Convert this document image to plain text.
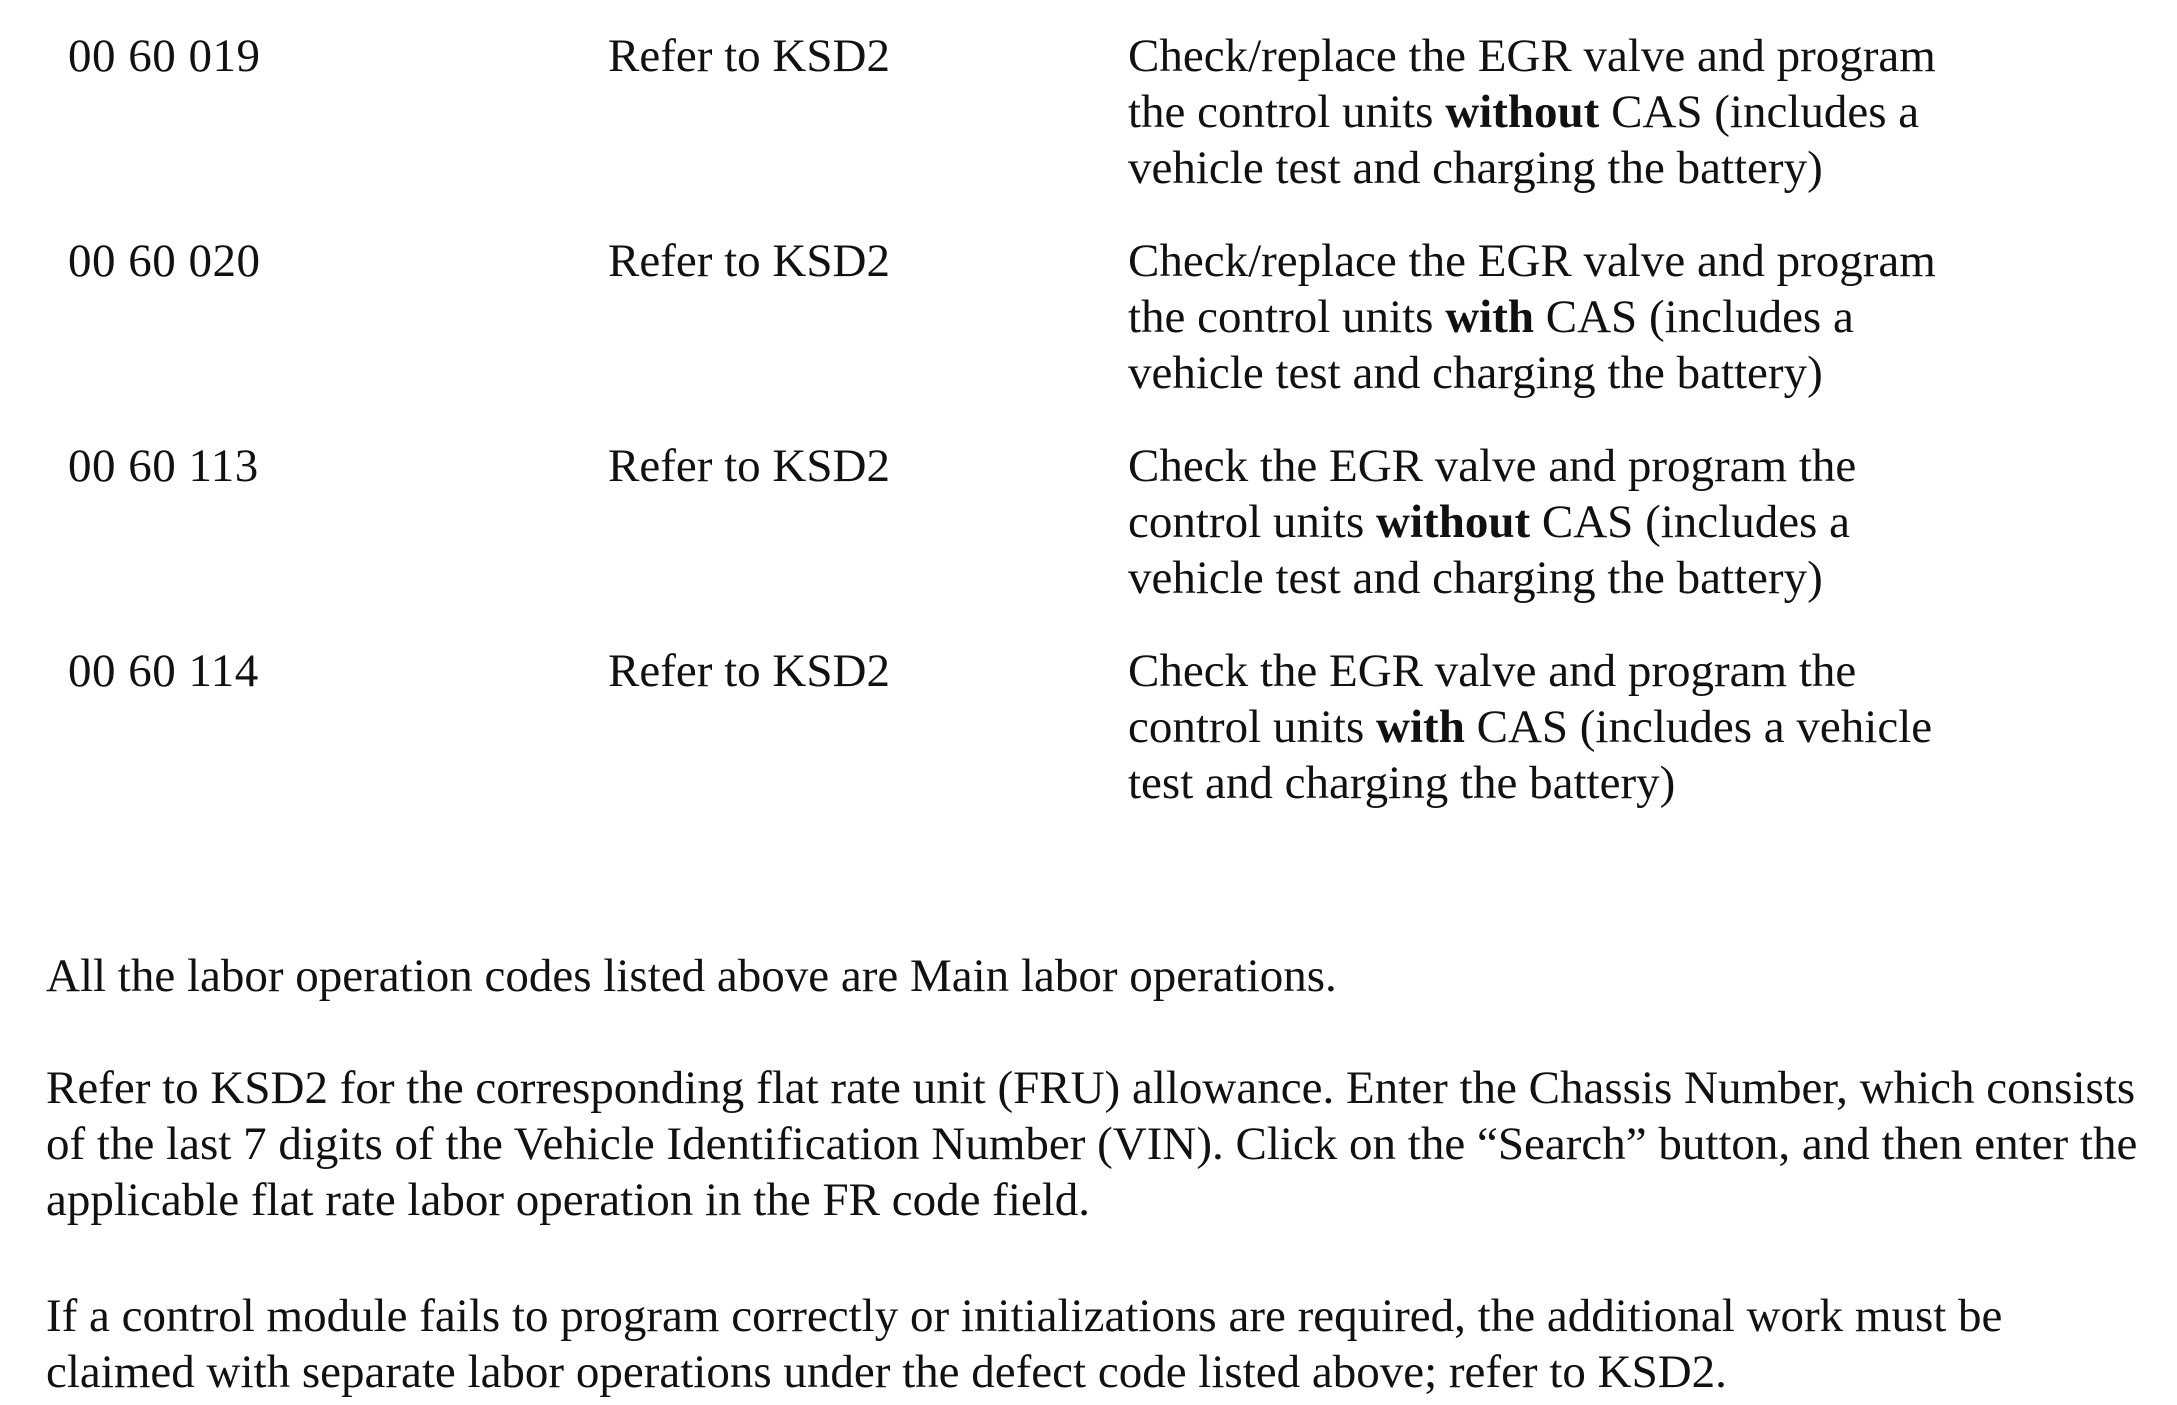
00 60 019	Refer to KSD2	Check/replace the EGR valve and program the control units without CAS (includes a vehicle test and charging the battery)
00 60 020	Refer to KSD2	Check/replace the EGR valve and program the control units with CAS (includes a vehicle test and charging the battery)
00 60 113	Refer to KSD2	Check the EGR valve and program the control units without CAS (includes a vehicle test and charging the battery)
00 60 114	Refer to KSD2	Check the EGR valve and program the control units with CAS (includes a vehicle test and charging the battery)

All the labor operation codes listed above are Main labor operations.

Refer to KSD2 for the corresponding flat rate unit (FRU) allowance. Enter the Chassis Number, which consists of the last 7 digits of the Vehicle Identification Number (VIN). Click on the “Search” button, and then enter the applicable flat rate labor operation in the FR code field.

If a control module fails to program correctly or initializations are required, the additional work must be claimed with separate labor operations under the defect code listed above; refer to KSD2.
